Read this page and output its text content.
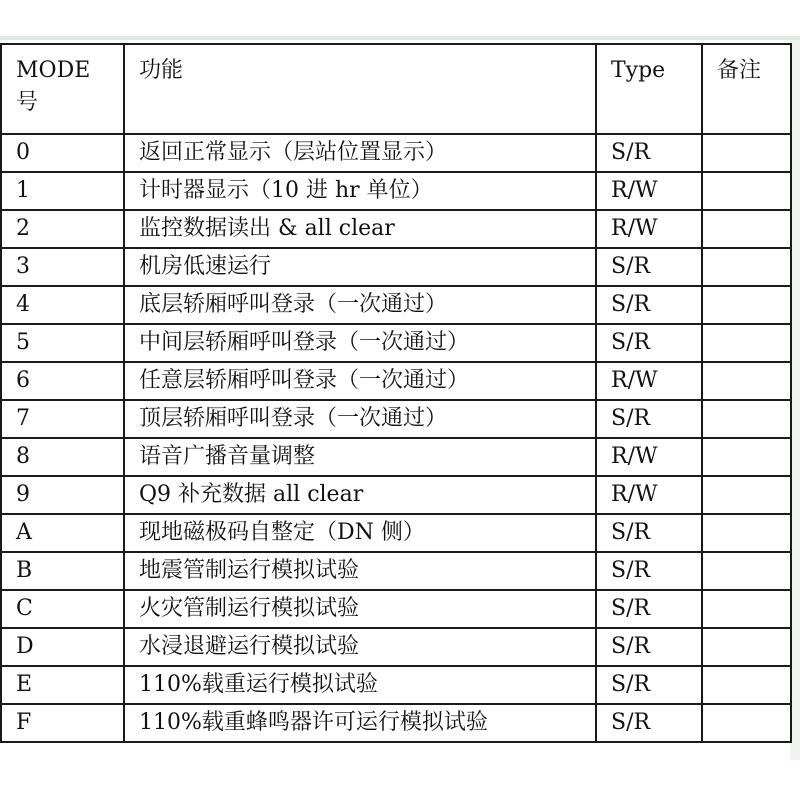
MODE
号	功能	Type	备注
0	返回正常显示（层站位置显示）	S/R	
1	计时器显示（10 进 hr 单位）	R/W	
2	监控数据读出 & all clear	R/W	
3	机房低速运行	S/R	
4	底层轿厢呼叫登录（一次通过）	S/R	
5	中间层轿厢呼叫登录（一次通过）	S/R	
6	任意层轿厢呼叫登录（一次通过）	R/W	
7	顶层轿厢呼叫登录（一次通过）	S/R	
8	语音广播音量调整	R/W	
9	Q9 补充数据 all clear	R/W	
A	现地磁极码自整定（DN 侧）	S/R	
B	地震管制运行模拟试验	S/R	
C	火灾管制运行模拟试验	S/R	
D	水浸退避运行模拟试验	S/R	
E	110%载重运行模拟试验	S/R	
F	110%载重蜂鸣器许可运行模拟试验	S/R	
